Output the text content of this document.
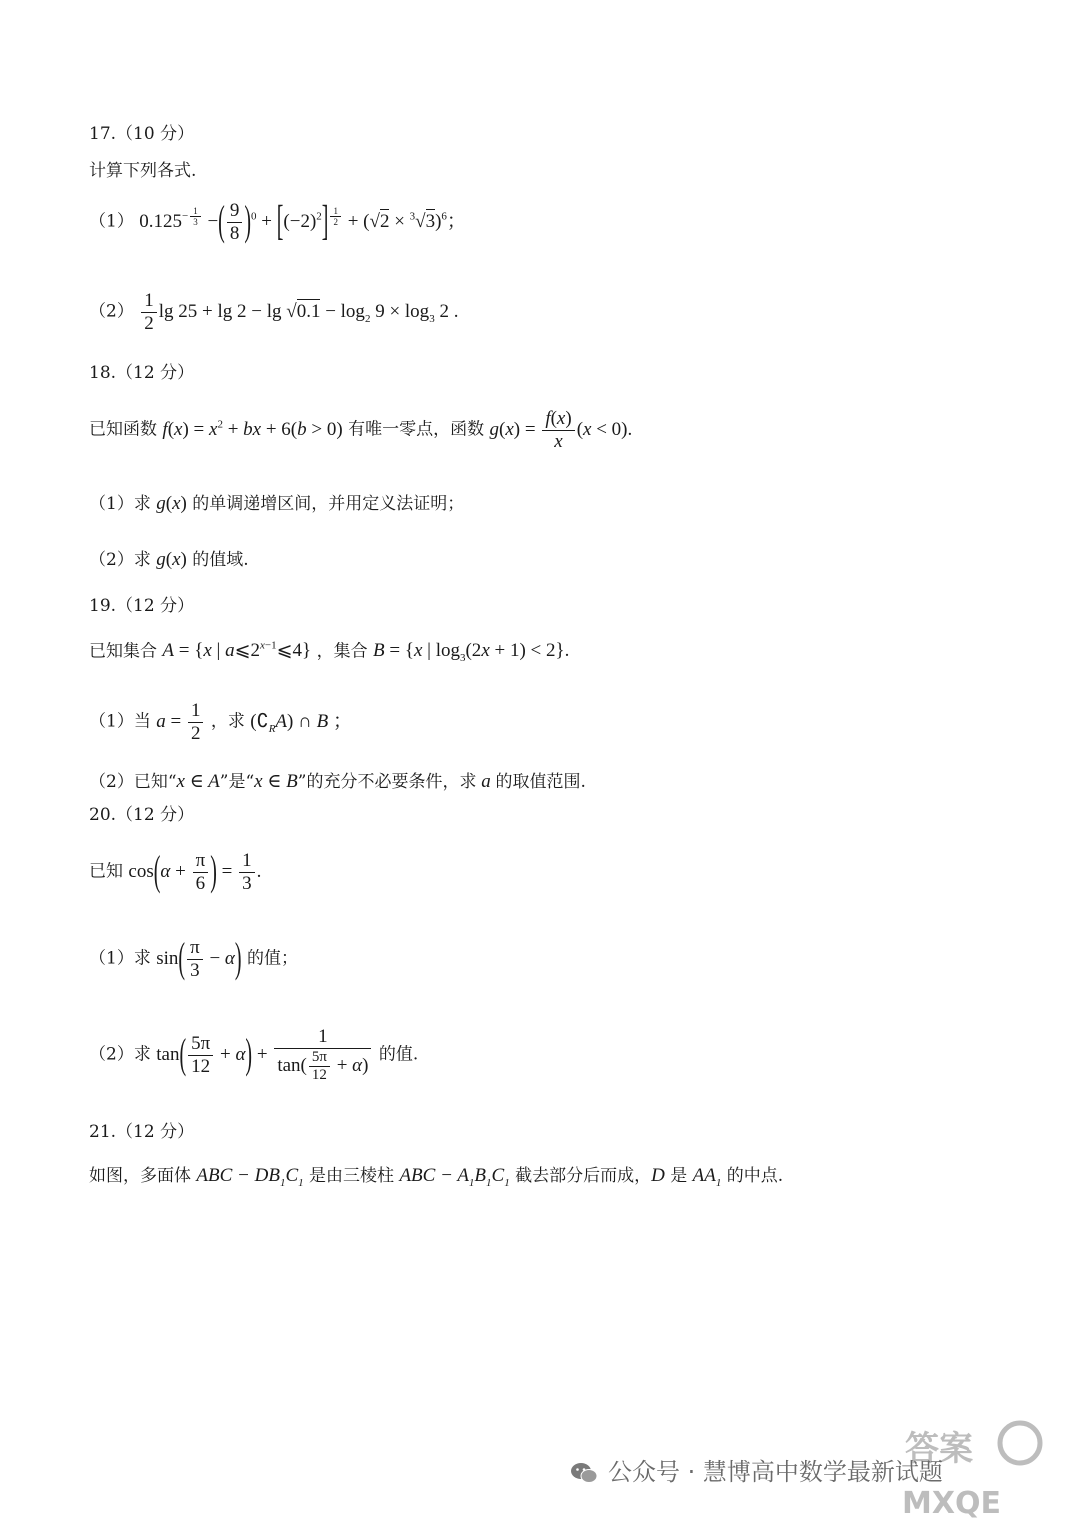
17.（10 分）
计算下列各式.
（1） $0.125^{- \frac{1}{3}}$ −( $\frac{9}{8} )^0 + [(-2)^2] ^{\frac{1}{2}} + (√2 \times ^3√3)^6$；
$(2) \frac{1}{2}$ $\lg 25 + \lg 2 - \lg √0.1 - \log_2 9 \times \log_3 2$ .
18.（12 分）
已知函数 $f(x) = x^2$ + bx + 6(b > 0) 有唯一零点，函数 $g(x) = \frac{f(x)}{x} (x < 0)$.
（1）求 g(x) 的单调递增区间，并用定义法证明；
（2）求 g(x) 的值域.
19.（12 分）
已知集合 A = {x | $a⩽2^{x-1}⩽4$} ，集合 B = {x | $\log_3(2x + 1) < 2$}.
（1）当 $a = \frac{1}{2}$ ，求 $(∁_RA)$ ∩ B ；
（2）已知“x ∈ A”是“x ∈ B”的充分不必要条件，求 a 的取值范围.
20.（12 分）
已知 $\cos(\alpha + \frac{\pi}{6}$ ) = $\frac{1}{3}$ .
（1）求 $\sin( \frac{\pi}{3} - \alpha)$ 的值；
（2）求 $\tan( \frac{5\pi}{12} + \alpha) + \frac{1}{\tan( \frac{5\pi}{12} + \alpha)}$ 的值.
21.（12 分）
如图，多面体 ABC − $DB_1C_1$ 是由三棱柱 ABC − $A_1B_1C_1$ 截去部分后而成，D 是 $AA_1$ 的中点.
答案
MXQE
公众号 · 慧博高中数学最新试题
